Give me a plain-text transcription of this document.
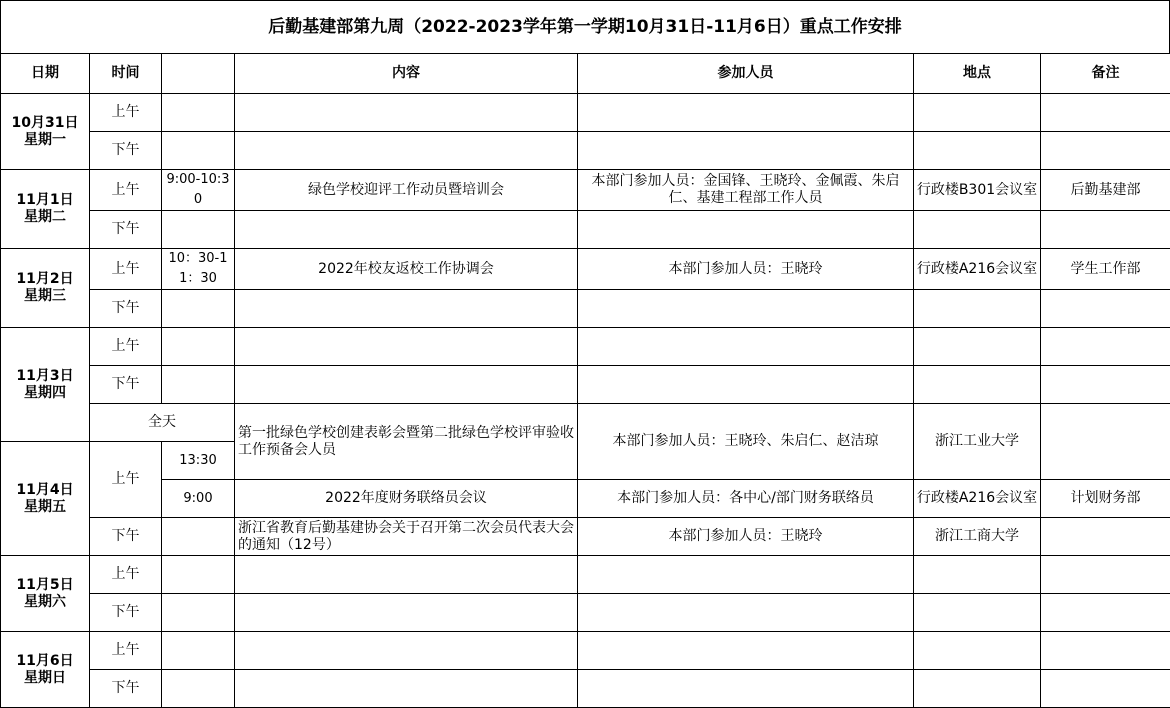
后勤基建部第九周（2022-2023学年第一学期10月31日-11月6日）重点工作安排
日期	时间		内容	参加人员	地点	备注
10月31日
星期一	上午					
	下午					
11月1日
星期二	上午	9:00-10:30	绿色学校迎评工作动员暨培训会	本部门参加人员：金国锋、王晓玲、金佩霞、朱启仁、基建工程部工作人员	行政楼B301会议室	后勤基建部
	下午					
11月2日
星期三	上午	10：30-11：30	2022年校友返校工作协调会	本部门参加人员：王晓玲	行政楼A216会议室	学生工作部
	下午					
11月3日
星期四	上午					
	下午					
	全天		第一批绿色学校创建表彰会暨第二批绿色学校评审验收工作预备会人员	本部门参加人员：王晓玲、朱启仁、赵洁琼	浙江工业大学	
11月4日
星期五	上午	13:30				
		9:00	2022年度财务联络员会议	本部门参加人员：各中心/部门财务联络员	行政楼A216会议室	计划财务部
	下午		浙江省教育后勤基建协会关于召开第二次会员代表大会的通知（12号）	本部门参加人员：王晓玲	浙江工商大学	
11月5日
星期六	上午					
	下午					
11月6日
星期日	上午					
	下午					
